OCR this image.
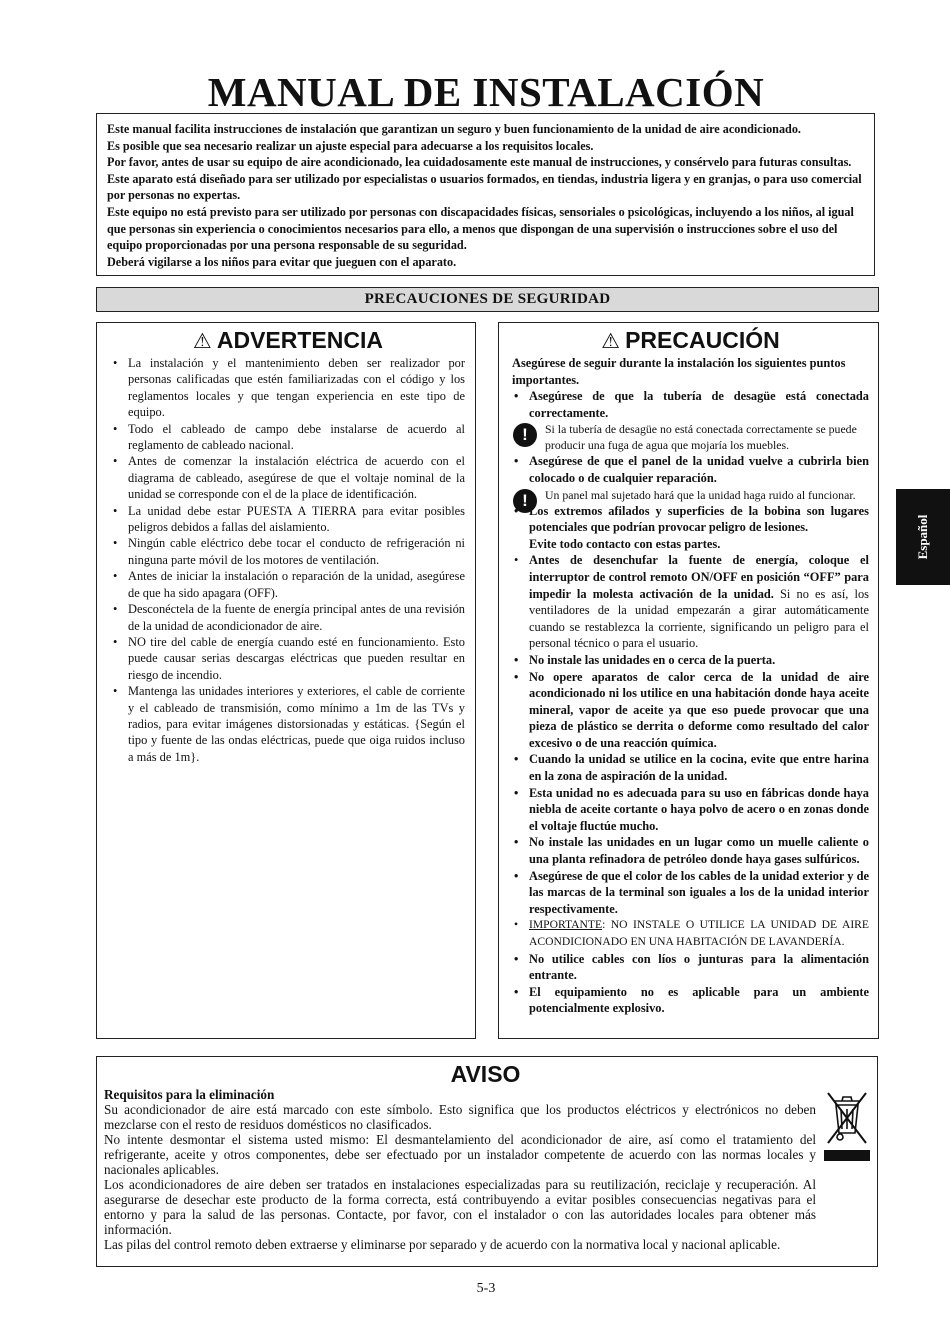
MANUAL DE INSTALACIÓN

Este manual facilita instrucciones de instalación que garantizan un seguro y buen funcionamiento de la unidad de aire acondicionado.

Es posible que sea necesario realizar un ajuste especial para adecuarse a los requisitos locales.

Por favor, antes de usar su equipo de aire acondicionado, lea cuidadosamente este manual de instrucciones, y consérvelo para futuras consultas.

Este aparato está diseñado para ser utilizado por especialistas o usuarios formados, en tiendas, industria ligera y en granjas, o para uso comercial por personas no expertas.

Este equipo no está previsto para ser utilizado por personas con discapacidades físicas, sensoriales o psicológicas, incluyendo a los niños, al igual que personas sin experiencia o conocimientos necesarios para ello, a menos que dispongan de una supervisión o instrucciones sobre el uso del equipo proporcionadas por una persona responsable de su seguridad.

Deberá vigilarse a los niños para evitar que jueguen con el aparato.

PRECAUCIONES DE SEGURIDAD
⚠ ADVERTENCIA
• La instalación y el mantenimiento deben ser realizador por personas calificadas que estén familiarizadas con el código y los reglamentos locales y que tengan experiencia en este tipo de equipo.
• Todo el cableado de campo debe instalarse de acuerdo al reglamento de cableado nacional.
• Antes de comenzar la instalación eléctrica de acuerdo con el diagrama de cableado, asegúrese de que el voltaje nominal de la unidad se corresponde con el de la place de identificación.
• La unidad debe estar PUESTA A TIERRA para evitar posibles peligros debidos a fallas del aislamiento.
• Ningún cable eléctrico debe tocar el conducto de refrigeración ni ninguna parte móvil de los motores de ventilación.
• Antes de iniciar la instalación o reparación de la unidad, asegúrese de que ha sido apagara (OFF).
• Desconéctela de la fuente de energía principal antes de una revisión de la unidad de acondicionador de aire.
• NO tire del cable de energía cuando esté en funcionamiento. Esto puede causar serias descargas eléctricas que pueden resultar en riesgo de incendio.
• Mantenga las unidades interiores y exteriores, el cable de corriente y el cableado de transmisión, como mínimo a 1m de las TVs y radios, para evitar imágenes distorsionadas y estáticas. {Según el tipo y fuente de las ondas eléctricas, puede que oiga ruidos incluso a más de 1m}.
⚠ PRECAUCIÓN

Asegúrese de seguir durante la instalación los siguientes puntos importantes.

• Asegúrese de que la tubería de desagüe está conectada correctamente.
!	Si la tubería de desagüe no está conectada correctamente se puede producir una fuga de agua que mojaría los muebles.
• Asegúrese de que el panel de la unidad vuelve a cubrirla bien colocado o de cualquier reparación.
!	Un panel mal sujetado hará que la unidad haga ruido al funcionar.
• Los extremos afilados y superficies de la bobina son lugares potenciales que podrían provocar peligro de lesiones.
Evite todo contacto con estas partes.
• Antes de desenchufar la fuente de energía, coloque el interruptor de control remoto ON/OFF en posición “OFF” para impedir la molesta activación de la unidad. Si no es así, los ventiladores de la unidad empezarán a girar automáticamente cuando se restablezca la corriente, significando un peligro para el personal técnico o para el usuario.
• No instale las unidades en o cerca de la puerta.
• No opere aparatos de calor cerca de la unidad de aire acondicionado ni los utilice en una habitación donde haya aceite mineral, vapor de aceite ya que eso puede provocar que una pieza de plástico se derrita o deforme como resultado del calor excesivo o de una reacción química.
• Cuando la unidad se utilice en la cocina, evite que entre harina en la zona de aspiración de la unidad.
• Esta unidad no es adecuada para su uso en fábricas donde haya niebla de aceite cortante o haya polvo de acero o en zonas donde el voltaje fluctúe mucho.
• No instale las unidades en un lugar como un muelle caliente o una planta refinadora de petróleo donde haya gases sulfúricos.
• Asegúrese de que el color de los cables de la unidad exterior y de las marcas de la terminal son iguales a los de la unidad interior respectivamente.
• IMPORTANTE: NO INSTALE O UTILICE LA UNIDAD DE AIRE ACONDICIONADO EN UNA HABITACIÓN DE LAVANDERÍA.
• No utilice cables con líos o junturas para la alimentación entrante.
• El equipamiento no es aplicable para un ambiente potencialmente explosivo.
Español
AVISO

Requisitos para la eliminación

Su acondicionador de aire está marcado con este símbolo. Esto significa que los productos eléctricos y electrónicos no deben mezclarse con el resto de residuos domésticos no clasificados.

No intente desmontar el sistema usted mismo: El desmantelamiento del acondicionador de aire, así como el tratamiento del refrigerante, aceite y otros componentes, debe ser efectuado por un instalador competente de acuerdo con las normas locales y nacionales aplicables.

Los acondicionadores de aire deben ser tratados en instalaciones especializadas para su reutilización, reciclaje y recuperación. Al asegurarse de desechar este producto de la forma correcta, está contribuyendo a evitar posibles consecuencias negativas para el entorno y para la salud de las personas. Contacte, por favor, con el instalador o con las autoridades locales para obtener más información.

Las pilas del control remoto deben extraerse y eliminarse por separado y de acuerdo con la normativa local y nacional aplicable.

5-3
